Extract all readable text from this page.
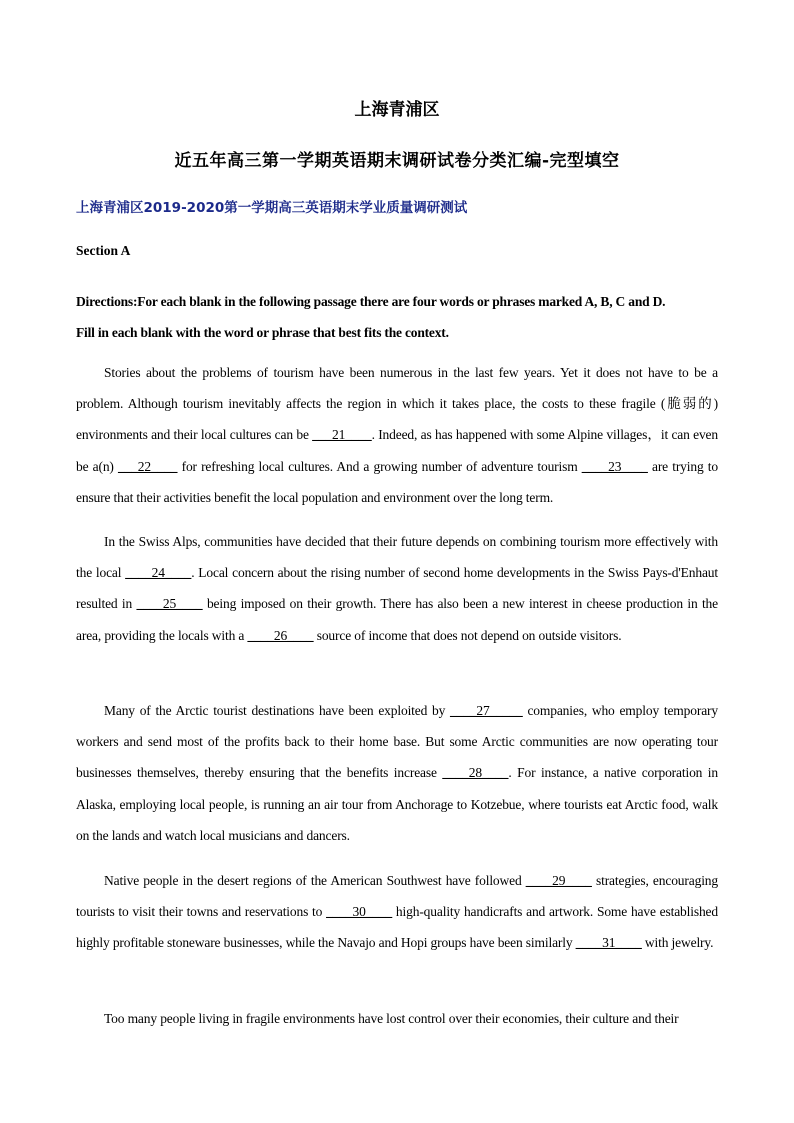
上海青浦区
近五年高三第一学期英语期末调研试卷分类汇编-完型填空
上海青浦区2019-2020第一学期高三英语期末学业质量调研测试
Section A
Directions:For each blank in the following passage there are four words or phrases marked A, B, C and D.
Fill in each blank with the word or phrase that best fits the context.

Stories about the problems of tourism have been numerous in the last few years. Yet it does not have to be a problem. Although tourism inevitably affects the region in which it takes place, the costs to these fragile (脆弱的) environments and their local cultures can be ___21____. Indeed, as has happened with some Alpine villages，it can even be a(n) ___22____ for refreshing local cultures. And a growing number of adventure tourism ____23____ are trying to ensure that their activities benefit the local population and environment over the long term.

In the Swiss Alps, communities have decided that their future depends on combining tourism more effectively with the local ____24____. Local concern about the rising number of second home developments in the Swiss Pays-d'Enhaut resulted in ____25____ being imposed on their growth. There has also been a new interest in cheese production in the area, providing the locals with a ____26____ source of income that does not depend on outside visitors.

Many of the Arctic tourist destinations have been exploited by ____27_____ companies, who employ temporary workers and send most of the profits back to their home base. But some Arctic communities are now operating tour businesses themselves, thereby ensuring that the benefits increase ____28____. For instance, a native corporation in Alaska, employing local people, is running an air tour from Anchorage to Kotzebue, where tourists eat Arctic food, walk on the lands and watch local musicians and dancers.

Native people in the desert regions of the American Southwest have followed ____29____ strategies, encouraging tourists to visit their towns and reservations to ____30____ high-quality handicrafts and artwork. Some have established highly profitable stoneware businesses, while the Navajo and Hopi groups have been similarly ____31____ with jewelry.

Too many people living in fragile environments have lost control over their economies, their culture and their
